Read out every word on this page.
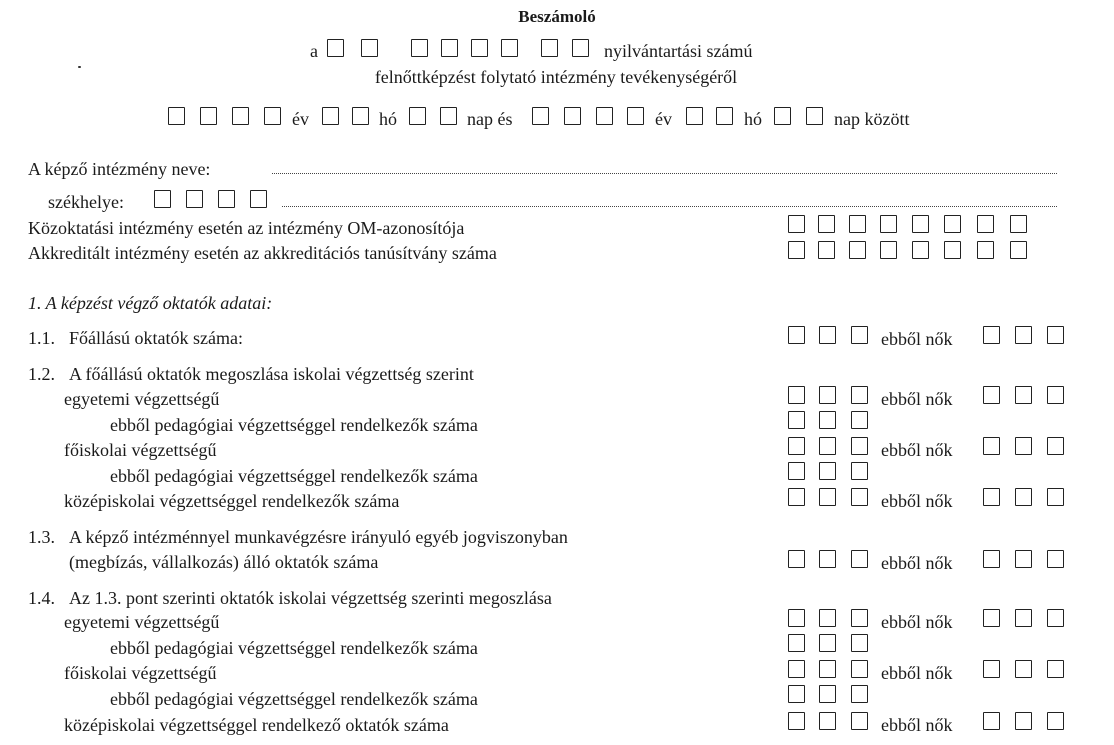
Beszámoló
a	nyilvántartási számú
felnőttképzést folytató intézmény tevékenységéről
év	hó	nap és	év	hó	nap között
A képző intézmény neve:
székhelye:
Közoktatási intézmény esetén az intézmény OM-azonosítója
Akkreditált intézmény esetén az akkreditációs tanúsítvány száma
1. A képzést végző oktatók adatai:
1.1. Főállású oktatók száma:	ebből nők
1.2. A főállású oktatók megoszlása iskolai végzettség szerint
egyetemi végzettségű	ebből nők
ebből pedagógiai végzettséggel rendelkezők száma
főiskolai végzettségű	ebből nők
ebből pedagógiai végzettséggel rendelkezők száma
középiskolai végzettséggel rendelkezők száma	ebből nők
1.3. A képző intézménnyel munkavégzésre irányuló egyéb jogviszonyban
(megbízás, vállalkozás) álló oktatók száma	ebből nők
1.4. Az 1.3. pont szerinti oktatók iskolai végzettség szerinti megoszlása
egyetemi végzettségű	ebből nők
ebből pedagógiai végzettséggel rendelkezők száma
főiskolai végzettségű	ebből nők
ebből pedagógiai végzettséggel rendelkezők száma
középiskolai végzettséggel rendelkező oktatók száma	ebből nők
